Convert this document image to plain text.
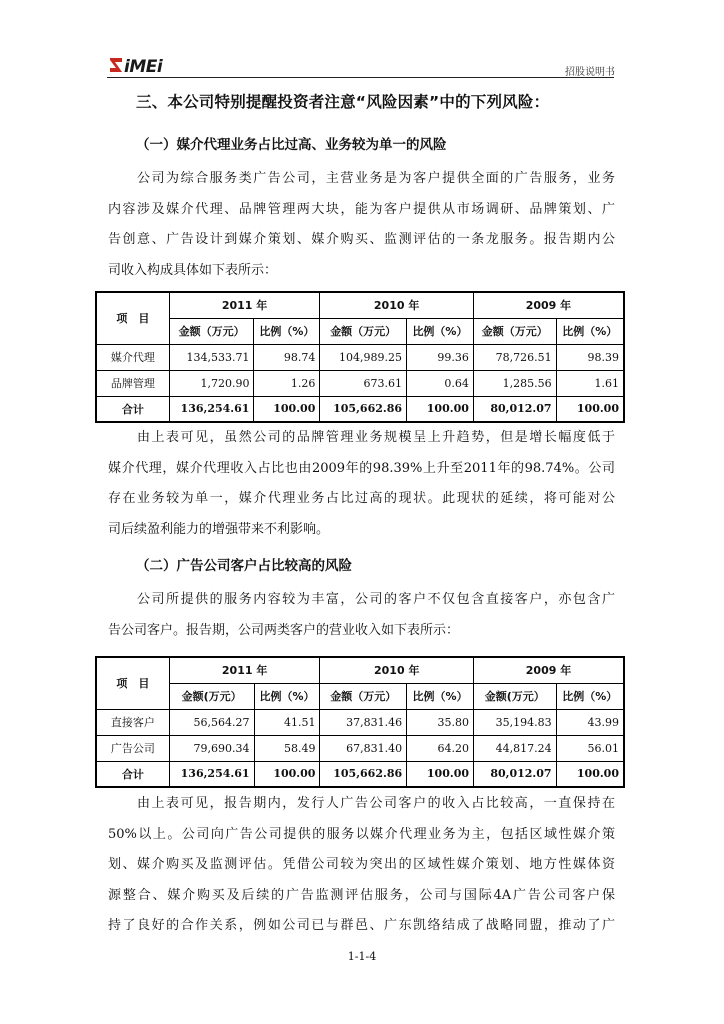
iMEi	招股说明书
三、本公司特别提醒投资者注意“风险因素”中的下列风险：
（一）媒介代理业务占比过高、业务较为单一的风险
公司为综合服务类广告公司，主营业务是为客户提供全面的广告服务，业务
内容涉及媒介代理、品牌管理两大块，能为客户提供从市场调研、品牌策划、广
告创意、广告设计到媒介策划、媒介购买、监测评估的一条龙服务。报告期内公
司收入构成具体如下表所示：
项　目	2011 年		2010 年		2009 年	
	金额（万元）	比例（%）	金额（万元）	比例（%）	金额（万元）	比例（%）
媒介代理	134,533.71	98.74	104,989.25	99.36	78,726.51	98.39
品牌管理	1,720.90	1.26	673.61	0.64	1,285.56	1.61
合计	136,254.61	100.00	105,662.86	100.00	80,012.07	100.00
由上表可见，虽然公司的品牌管理业务规模呈上升趋势，但是增长幅度低于
媒介代理，媒介代理收入占比也由2009年的98.39%上升至2011年的98.74%。公司
存在业务较为单一，媒介代理业务占比过高的现状。此现状的延续，将可能对公
司后续盈利能力的增强带来不利影响。
（二）广告公司客户占比较高的风险
公司所提供的服务内容较为丰富，公司的客户不仅包含直接客户，亦包含广
告公司客户。报告期，公司两类客户的营业收入如下表所示：
项　目	2011 年		2010 年		2009 年	
	金额(万元）	比例（%）	金额（万元）	比例（%）	金额(万元）	比例（%）
直接客户	56,564.27	41.51	37,831.46	35.80	35,194.83	43.99
广告公司	79,690.34	58.49	67,831.40	64.20	44,817.24	56.01
合计	136,254.61	100.00	105,662.86	100.00	80,012.07	100.00
由上表可见，报告期内，发行人广告公司客户的收入占比较高，一直保持在
50%以上。公司向广告公司提供的服务以媒介代理业务为主，包括区域性媒介策
划、媒介购买及监测评估。凭借公司较为突出的区域性媒介策划、地方性媒体资
源整合、媒介购买及后续的广告监测评估服务，公司与国际4A广告公司客户保
持了良好的合作关系，例如公司已与群邑、广东凯络结成了战略同盟，推动了广
1-1-4
